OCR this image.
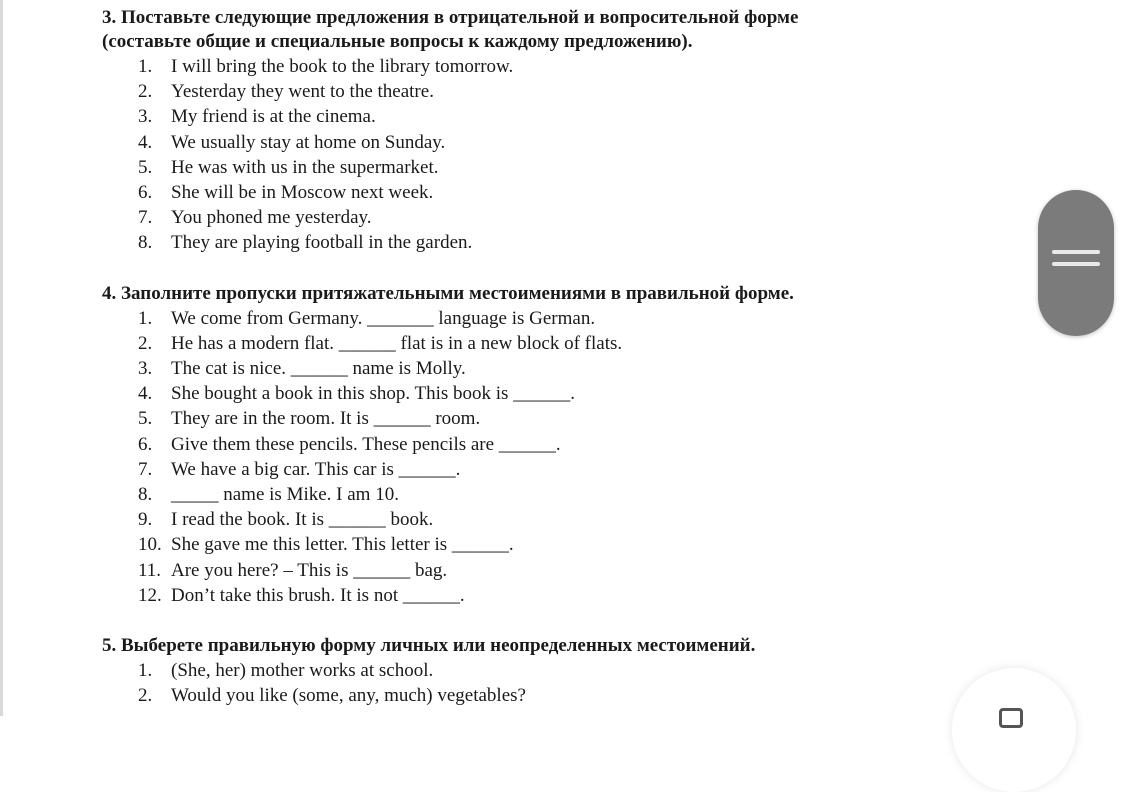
3. Поставьте следующие предложения в отрицательной и вопросительной форме

(составьте общие и специальные вопросы к каждому предложению).

1. I will bring the book to the library tomorrow.
2. Yesterday they went to the theatre.
3. My friend is at the cinema.
4. We usually stay at home on Sunday.
5. He was with us in the supermarket.
6. She will be in Moscow next week.
7. You phoned me yesterday.
8. They are playing football in the garden.

4. Заполните пропуски притяжательными местоимениями в правильной форме.

1. We come from Germany. _______ language is German.
2. He has a modern flat. ______ flat is in a new block of flats.
3. The cat is nice. ______ name is Molly.
4. She bought a book in this shop. This book is ______.
5. They are in the room. It is ______ room.
6. Give them these pencils. These pencils are ______.
7. We have a big car. This car is ______.
8. _____ name is Mike. I am 10.
9. I read the book. It is ______ book.
10. She gave me this letter. This letter is ______.
11. Are you here? – This is ______ bag.
12. Don’t take this brush. It is not ______.

5. Выберете правильную форму личных или неопределенных местоимений.

1. (She, her) mother works at school.
2. Would you like (some, any, much) vegetables?
